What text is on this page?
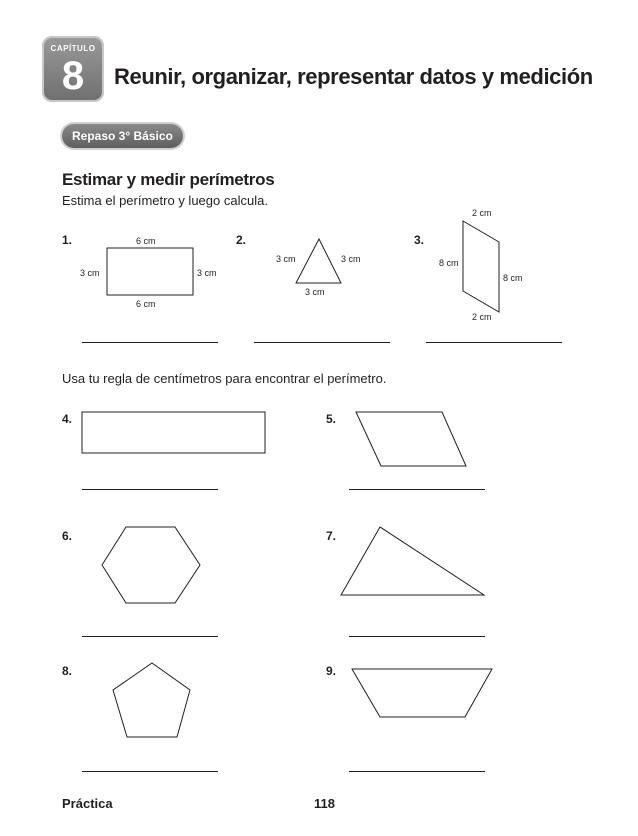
CAPÍTULO
8	Reunir, organizar, representar datos y medición
Repaso 3° Básico
Estimar y medir perímetros
Estima el perímetro y luego calcula.
1.	6 cm
3 cm	3 cm
6 cm
2.
3 cm	3 cm
3 cm
3.
2 cm
8 cm
8 cm
2 cm
Usa tu regla de centímetros para encontrar el perímetro.
4.	5.
6.	7.
8.	9.
Práctica	118
